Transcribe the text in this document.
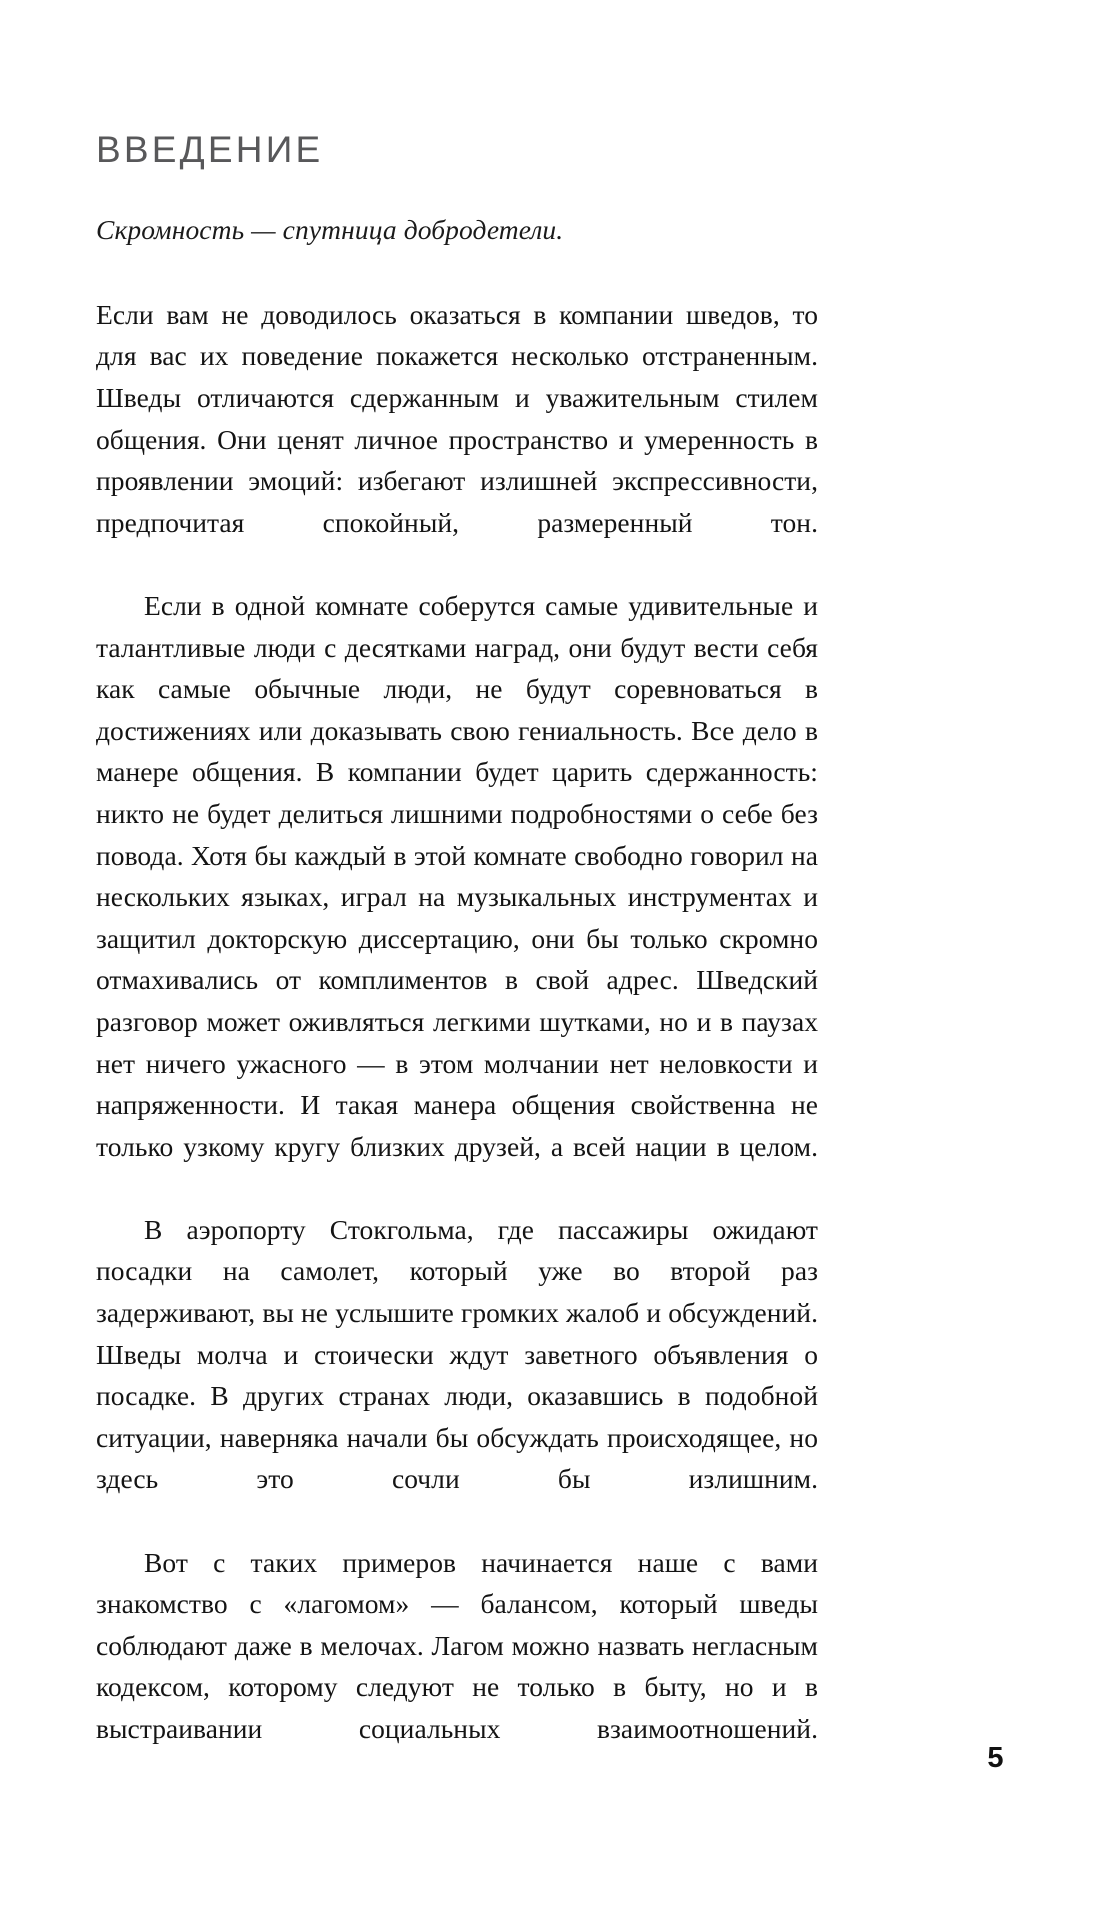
ВВЕДЕНИЕ
Скромность — спутница добродетели.

Если вам не доводилось оказаться в компании шведов, то для вас их поведение покажется несколько отстраненным. Шведы отличаются сдержанным и уважительным стилем общения. Они ценят личное пространство и умеренность в проявлении эмоций: избегают излишней экспрессивности, предпочитая спокойный, размеренный тон.

Если в одной комнате соберутся самые удивительные и талантливые люди с десятками наград, они будут вести себя как самые обычные люди, не будут соревноваться в достижениях или доказывать свою гениальность. Все дело в манере общения. В компании будет царить сдержанность: никто не будет делиться лишними подробностями о себе без повода. Хотя бы каждый в этой комнате свободно говорил на нескольких языках, играл на музыкальных инструментах и защитил докторскую диссертацию, они бы только скромно отмахивались от комплиментов в свой адрес. Шведский разговор может оживляться легкими шутками, но и в паузах нет ничего ужасного — в этом молчании нет неловкости и напряженности. И такая манера общения свойственна не только узкому кругу близких друзей, а всей нации в целом.

В аэропорту Стокгольма, где пассажиры ожидают посадки на самолет, который уже во второй раз задерживают, вы не услышите громких жалоб и обсуждений. Шведы молча и стоически ждут заветного объявления о посадке. В других странах люди, оказавшись в подобной ситуации, наверняка начали бы обсуждать происходящее, но здесь это сочли бы излишним.

Вот с таких примеров начинается наше с вами знакомство с «лагомом» — балансом, который шведы соблюдают даже в мелочах. Лагом можно назвать негласным кодексом, которому следуют не только в быту, но и в выстраивании социальных взаимоотношений.

5
